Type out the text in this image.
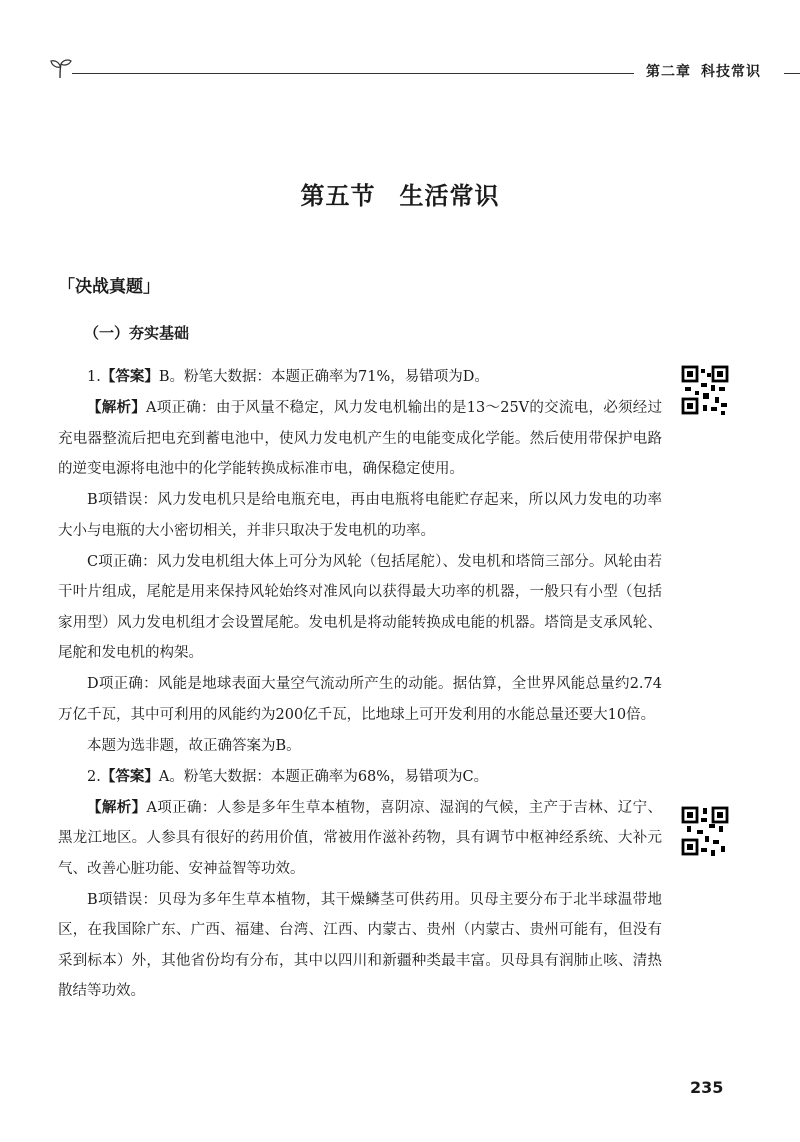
第二章 科技常识
第五节 生活常识
「决战真题」
（一）夯实基础

1.【答案】B。粉笔大数据：本题正确率为71%，易错项为D。

【解析】A项正确：由于风量不稳定，风力发电机输出的是13～25V的交流电，必须经过充电器整流后把电充到蓄电池中，使风力发电机产生的电能变成化学能。然后使用带保护电路的逆变电源将电池中的化学能转换成标准市电，确保稳定使用。

B项错误：风力发电机只是给电瓶充电，再由电瓶将电能贮存起来，所以风力发电的功率大小与电瓶的大小密切相关，并非只取决于发电机的功率。

C项正确：风力发电机组大体上可分为风轮（包括尾舵）、发电机和塔筒三部分。风轮由若干叶片组成，尾舵是用来保持风轮始终对准风向以获得最大功率的机器，一般只有小型（包括家用型）风力发电机组才会设置尾舵。发电机是将动能转换成电能的机器。塔筒是支承风轮、尾舵和发电机的构架。

D项正确：风能是地球表面大量空气流动所产生的动能。据估算，全世界风能总量约2.74万亿千瓦，其中可利用的风能约为200亿千瓦，比地球上可开发利用的水能总量还要大10倍。

本题为选非题，故正确答案为B。

2.【答案】A。粉笔大数据：本题正确率为68%，易错项为C。

【解析】A项正确：人参是多年生草本植物，喜阴凉、湿润的气候，主产于吉林、辽宁、黑龙江地区。人参具有很好的药用价值，常被用作滋补药物，具有调节中枢神经系统、大补元气、改善心脏功能、安神益智等功效。

B项错误：贝母为多年生草本植物，其干燥鳞茎可供药用。贝母主要分布于北半球温带地区，在我国除广东、广西、福建、台湾、江西、内蒙古、贵州（内蒙古、贵州可能有，但没有采到标本）外，其他省份均有分布，其中以四川和新疆种类最丰富。贝母具有润肺止咳、清热散结等功效。

235
